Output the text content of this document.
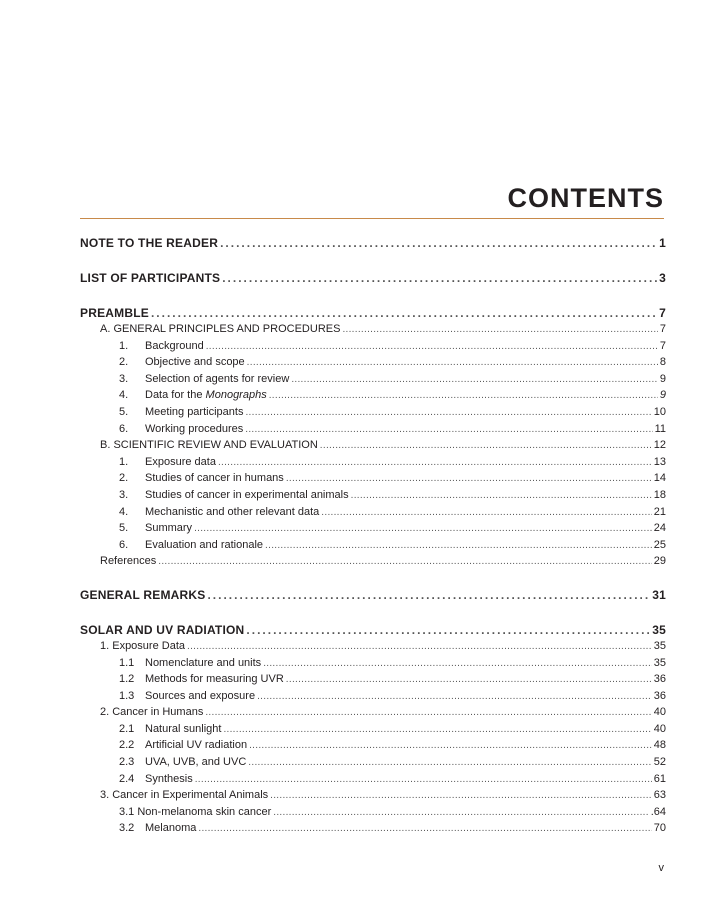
CONTENTS
NOTE TO THE READER .....	1
LIST OF PARTICIPANTS .....	3
PREAMBLE .....	7
A. GENERAL PRINCIPLES AND PROCEDURES .....	7
1. Background .....	7
2. Objective and scope .....	8
3. Selection of agents for review .....	9
4. Data for the Monographs .....	9
5. Meeting participants .....	10
6. Working procedures .....	11
B. SCIENTIFIC REVIEW AND EVALUATION .....	12
1. Exposure data .....	13
2. Studies of cancer in humans .....	14
3. Studies of cancer in experimental animals .....	18
4. Mechanistic and other relevant data .....	21
5. Summary .....	24
6. Evaluation and rationale .....	25
References .....	29
GENERAL REMARKS .....	31
SOLAR AND UV RADIATION .....	35
1. Exposure Data .....	35
1.1 Nomenclature and units .....	35
1.2 Methods for measuring UVR .....	36
1.3 Sources and exposure .....	36
2. Cancer in Humans .....	40
2.1 Natural sunlight .....	40
2.2 Artificial UV radiation .....	48
2.3 UVA, UVB, and UVC .....	52
2.4 Synthesis .....	61
3. Cancer in Experimental Animals .....	63
3.1 Non-melanoma skin cancer .....	.64
3.2 Melanoma .....	70
v
